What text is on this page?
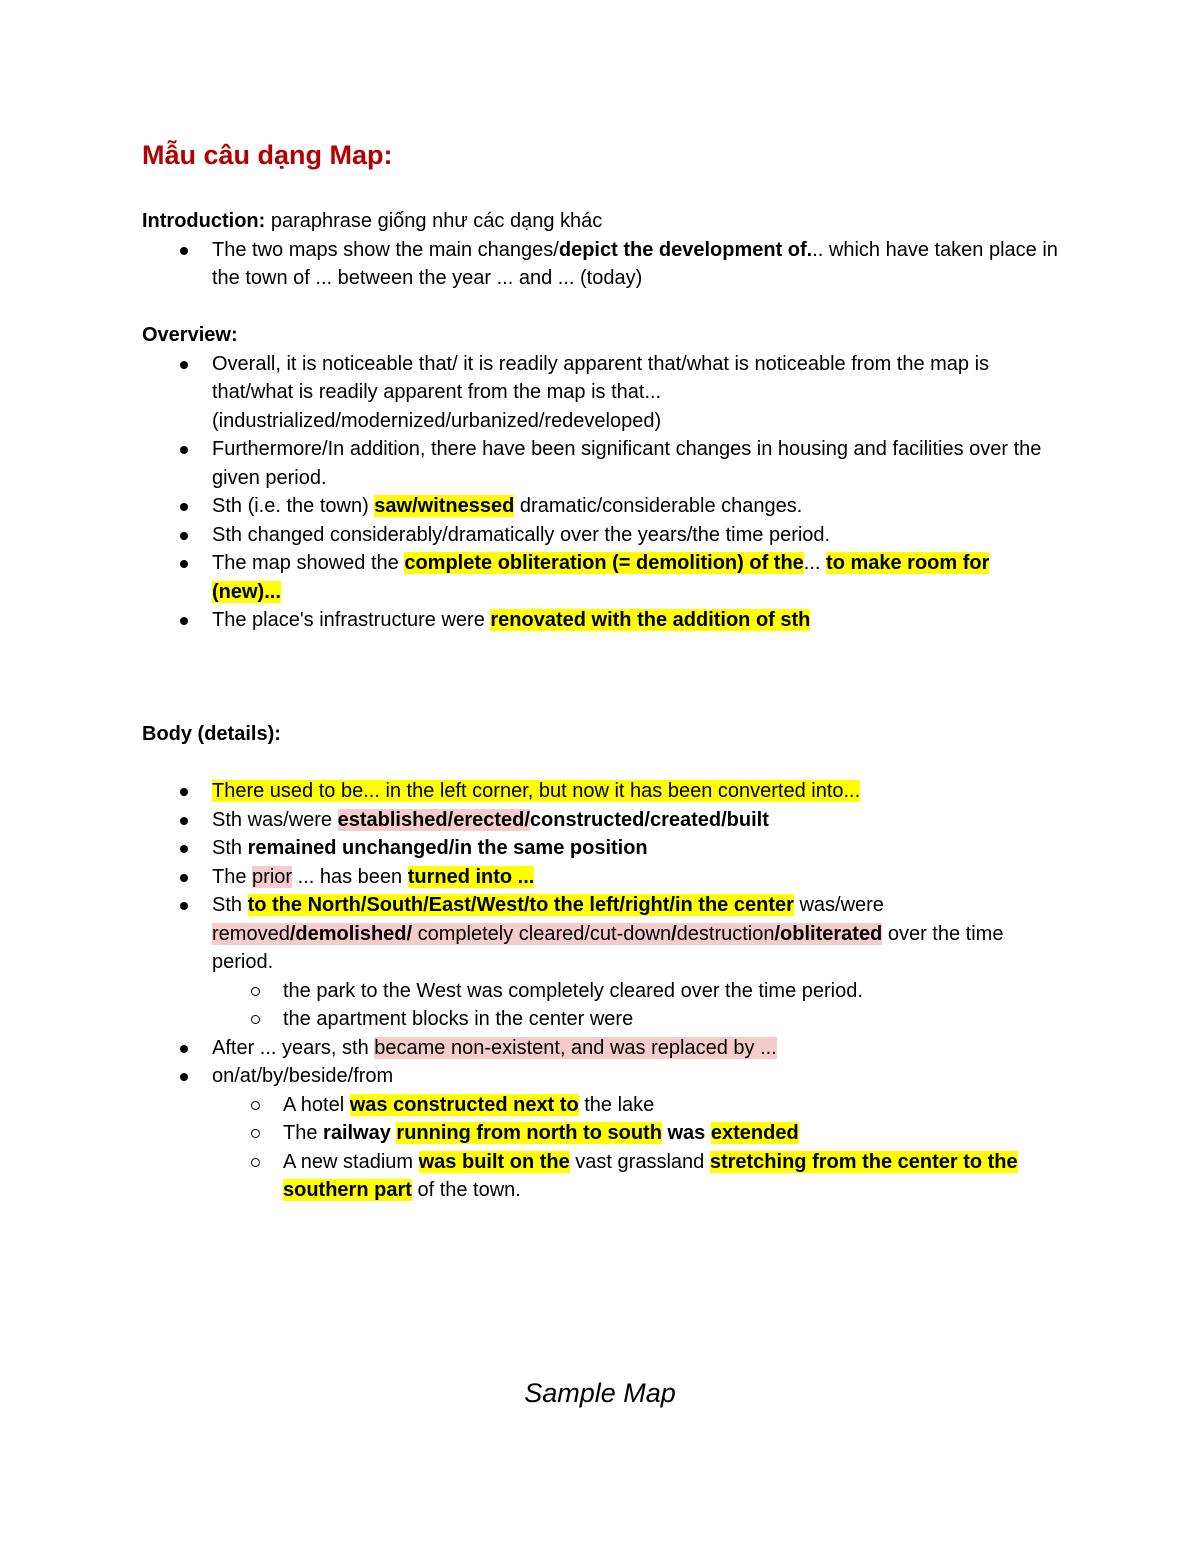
Mẫu câu dạng Map:
Introduction: paraphrase giống như các dạng khác
The two maps show the main changes/depict the development of... which have taken place in the town of ... between the year ... and ... (today)
Overview:
Overall, it is noticeable that/ it is readily apparent that/what is noticeable from the map is that/what is readily apparent from the map is that... (industrialized/modernized/urbanized/redeveloped)
Furthermore/In addition, there have been significant changes in housing and facilities over the given period.
Sth (i.e. the town) saw/witnessed dramatic/considerable changes.
Sth changed considerably/dramatically over the years/the time period.
The map showed the complete obliteration (= demolition) of the... to make room for (new)...
The place's infrastructure were renovated with the addition of sth
Body (details):
There used to be... in the left corner, but now it has been converted into...
Sth was/were established/erected/constructed/created/built
Sth remained unchanged/in the same position
The prior ... has been turned into ...
Sth to the North/South/East/West/to the left/right/in the center was/were removed/demolished/ completely cleared/cut-down/destruction/obliterated over the time period.
the park to the West was completely cleared over the time period.
the apartment blocks in the center were
After ... years, sth became non-existent, and was replaced by ...
on/at/by/beside/from
A hotel was constructed next to the lake
The railway running from north to south was extended
A new stadium was built on the vast grassland stretching from the center to the southern part of the town.
Sample Map
